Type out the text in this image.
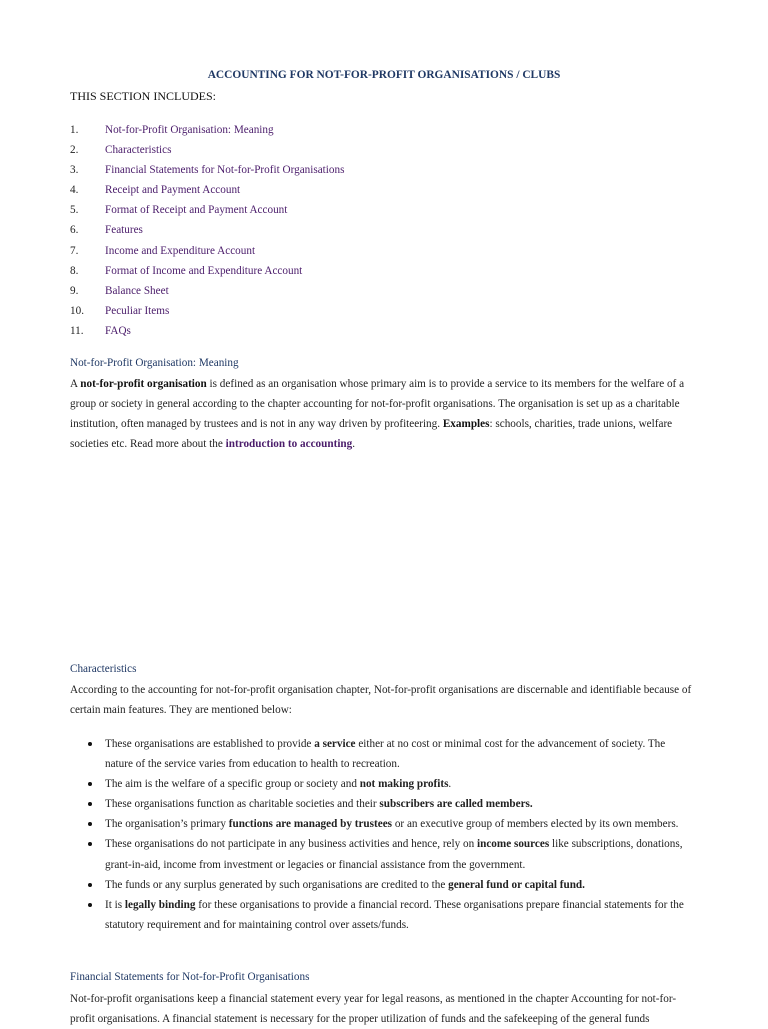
ACCOUNTING FOR NOT-FOR-PROFIT ORGANISATIONS / CLUBS
THIS SECTION INCLUDES:
1. Not-for-Profit Organisation: Meaning
2. Characteristics
3. Financial Statements for Not-for-Profit Organisations
4. Receipt and Payment Account
5. Format of Receipt and Payment Account
6. Features
7. Income and Expenditure Account
8. Format of Income and Expenditure Account
9. Balance Sheet
10. Peculiar Items
11. FAQs
Not-for-Profit Organisation: Meaning
A not-for-profit organisation is defined as an organisation whose primary aim is to provide a service to its members for the welfare of a group or society in general according to the chapter accounting for not-for-profit organisations. The organisation is set up as a charitable institution, often managed by trustees and is not in any way driven by profiteering. Examples: schools, charities, trade unions, welfare societies etc. Read more about the introduction to accounting.
Characteristics
According to the accounting for not-for-profit organisation chapter, Not-for-profit organisations are discernable and identifiable because of certain main features. They are mentioned below:
These organisations are established to provide a service either at no cost or minimal cost for the advancement of society. The nature of the service varies from education to health to recreation.
The aim is the welfare of a specific group or society and not making profits.
These organisations function as charitable societies and their subscribers are called members.
The organisation’s primary functions are managed by trustees or an executive group of members elected by its own members.
These organisations do not participate in any business activities and hence, rely on income sources like subscriptions, donations, grant-in-aid, income from investment or legacies or financial assistance from the government.
The funds or any surplus generated by such organisations are credited to the general fund or capital fund.
It is legally binding for these organisations to provide a financial record. These organisations prepare financial statements for the statutory requirement and for maintaining control over assets/funds.
Financial Statements for Not-for-Profit Organisations
Not-for-profit organisations keep a financial statement every year for legal reasons, as mentioned in the chapter Accounting for not-for-profit organisations. A financial statement is necessary for the proper utilization of funds and the safekeeping of the general funds
